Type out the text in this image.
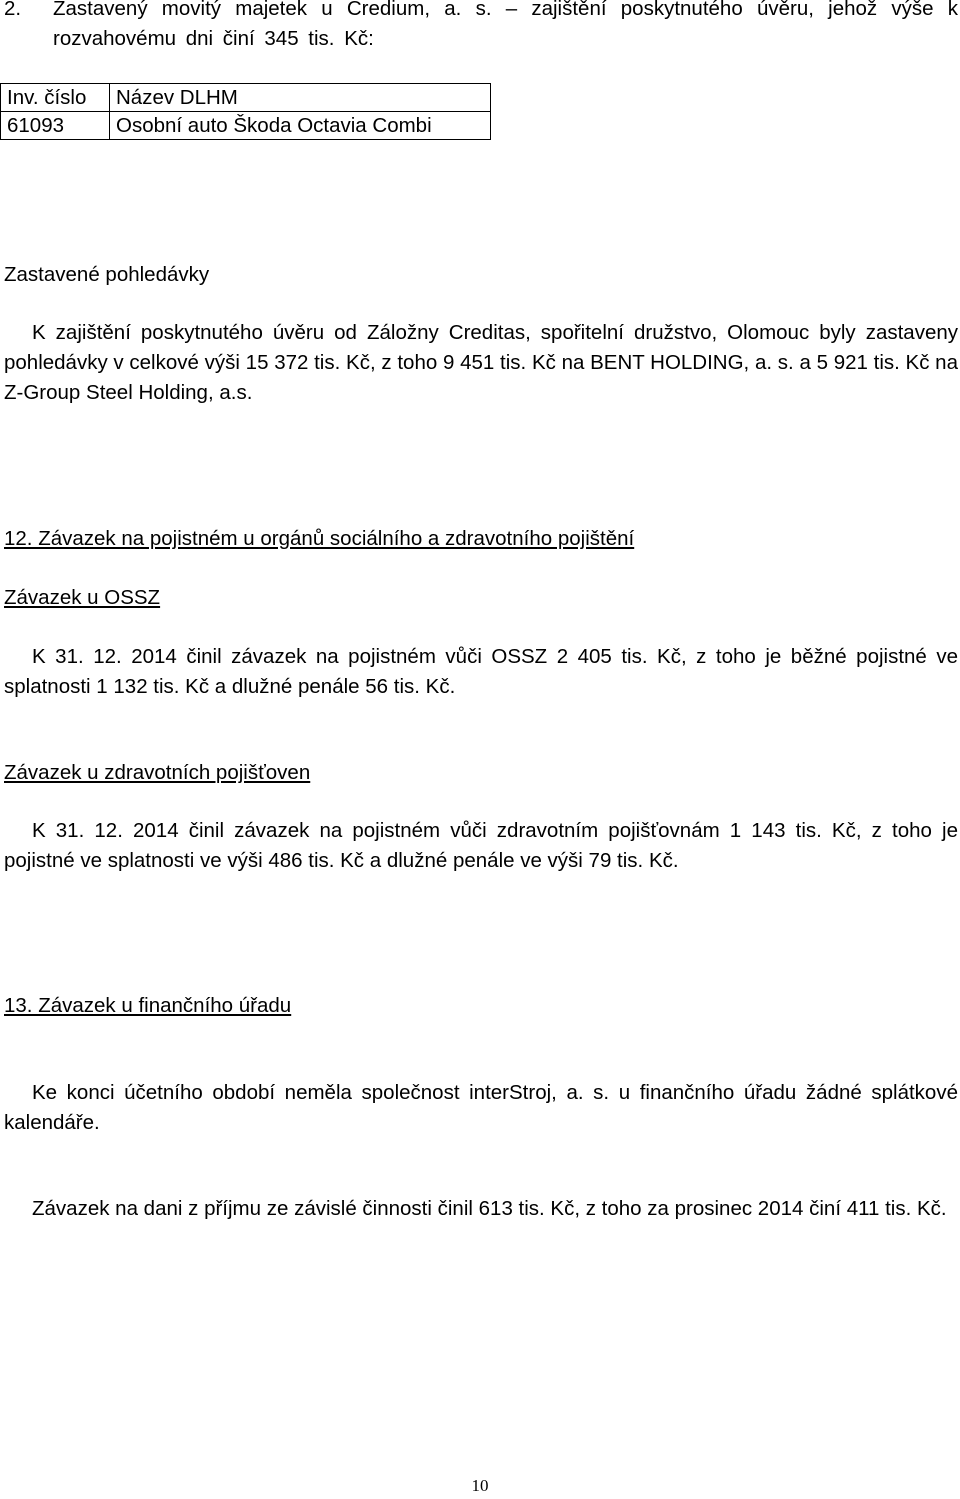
2.	Zastavený movitý majetek u Credium, a. s. – zajištění poskytnutého úvěru, jehož výše k rozvahovému dni činí 345 tis. Kč:
Inv. číslo	Název DLHM
61093	Osobní auto Škoda Octavia Combi
Zastavené pohledávky
K zajištění poskytnutého úvěru od Záložny Creditas, spořitelní družstvo, Olomouc byly zastaveny pohledávky v celkové výši 15 372 tis. Kč, z toho 9 451 tis. Kč na BENT HOLDING, a. s. a 5 921 tis. Kč na Z-Group Steel Holding, a.s.
12. Závazek na pojistném u orgánů sociálního a zdravotního pojištění
Závazek u OSSZ
K 31. 12. 2014 činil závazek na pojistném vůči OSSZ 2 405 tis. Kč, z toho je běžné pojistné ve splatnosti 1 132 tis. Kč a dlužné penále 56 tis. Kč.
Závazek u zdravotních pojišťoven
K 31. 12. 2014 činil závazek na pojistném vůči zdravotním pojišťovnám 1 143 tis. Kč, z toho je pojistné ve splatnosti ve výši 486 tis. Kč a dlužné penále ve výši 79 tis. Kč.
13. Závazek u finančního úřadu
Ke konci účetního období neměla společnost interStroj, a. s. u finančního úřadu žádné splátkové kalendáře.
Závazek na dani z příjmu ze závislé činnosti činil 613 tis. Kč, z toho za prosinec 2014 činí 411 tis. Kč.
10
